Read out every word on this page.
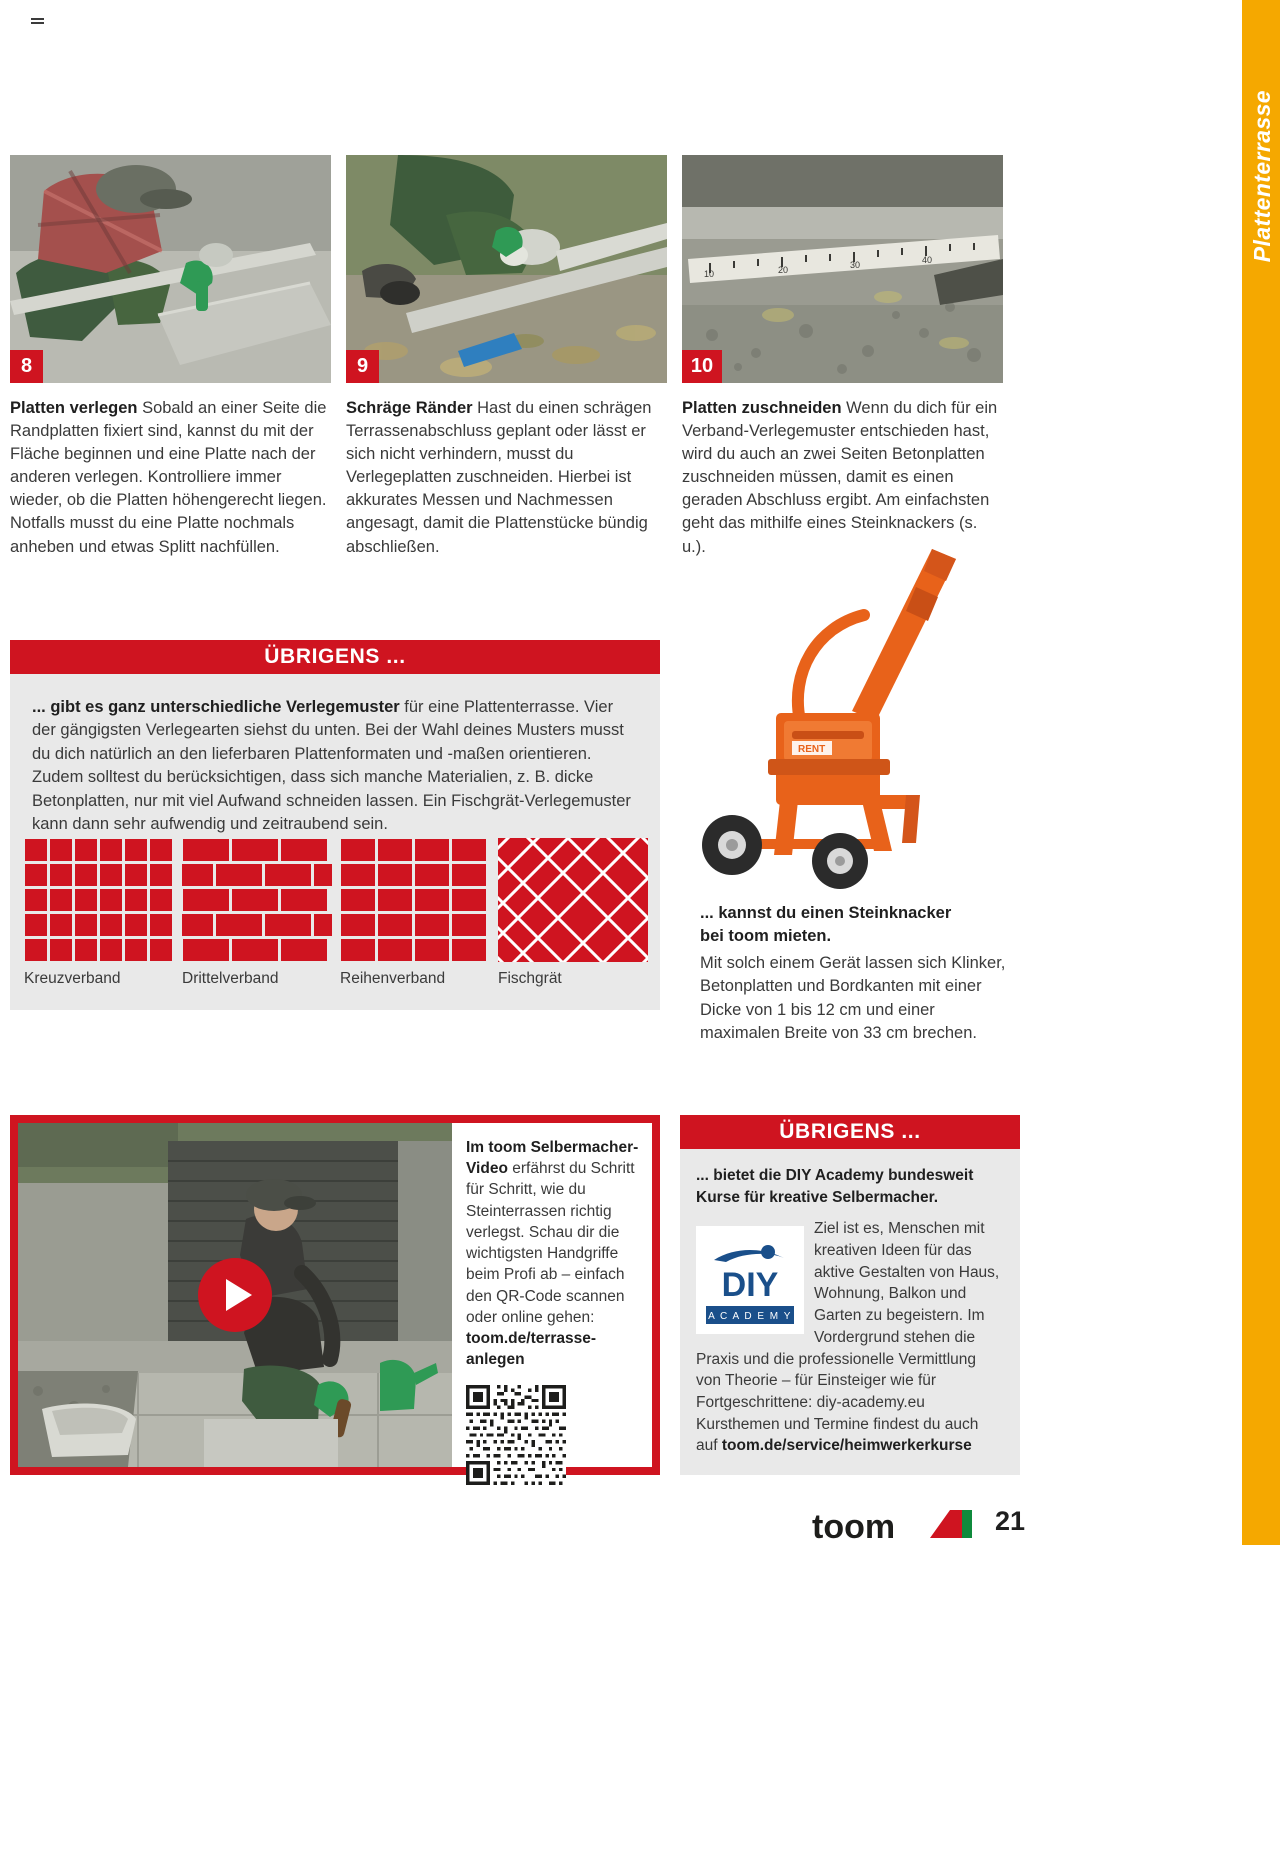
8
Platten verlegen Sobald an einer Seite die Randplatten fixiert sind, kannst du mit der Fläche beginnen und eine Platte nach der anderen verlegen. Kontrolliere immer wieder, ob die Platten höhengerecht liegen. Notfalls musst du eine Platte nochmals anheben und etwas Splitt nachfüllen.
9
Schräge Ränder Hast du einen schrägen Terrassenabschluss geplant oder lässt er sich nicht verhindern, musst du Verlegeplatten zuschneiden. Hierbei ist akkurates Messen und Nachmessen angesagt, damit die Plattenstücke bündig abschließen.
10	20	30	40
10
Platten zuschneiden Wenn du dich für ein Verband-Verlegemuster entschieden hast, wird du auch an zwei Seiten Betonplatten zuschneiden müssen, damit es einen geraden Abschluss ergibt. Am einfachsten geht das mithilfe eines Steinknackers (s. u.).
ÜBRIGENS ...
... gibt es ganz unterschiedliche Verlegemuster für eine Plattenterrasse. Vier der gängigsten Verlegearten siehst du unten. Bei der Wahl deines Musters musst du dich natürlich an den lieferbaren Plattenformaten und -maßen orientieren. Zudem solltest du berücksichtigen, dass sich manche Materialien, z. B. dicke Betonplatten, nur mit viel Aufwand schneiden lassen. Ein Fischgrät-Verlegemuster kann dann sehr aufwendig und zeitraubend sein.
Kreuzverband	Drittelverband	Reihenverband	Fischgrät
RENT
... kannst du einen Steinknacker
bei toom mieten.
Mit solch einem Gerät lassen sich Klinker, Betonplatten und Bordkanten mit einer Dicke von 1 bis 12 cm und einer maximalen Breite von 33 cm brechen.

Im toom Selbermacher-
Video erfährst du Schritt für Schritt, wie du Steinterrassen richtig verlegst. Schau dir die wichtigsten Handgriffe beim Profi ab – einfach den QR-Code scannen oder online gehen: toom.de/terrasse-anlegen

ÜBRIGENS ...

... bietet die DIY Academy bundesweit Kurse für kreative Selbermacher.

DIY
A C A D E M Y
Ziel ist es, Menschen mit kreativen Ideen für das aktive Gestalten von Haus, Wohnung, Balkon und Garten zu begeistern. Im Vordergrund stehen die Praxis und die professionelle Vermittlung von Theorie – für Einsteiger wie für Fortgeschrittene: diy-academy.eu Kursthemen und Termine findest du auch auf toom.de/service/heimwerkerkurse
toom	21
Plattenterrasse
